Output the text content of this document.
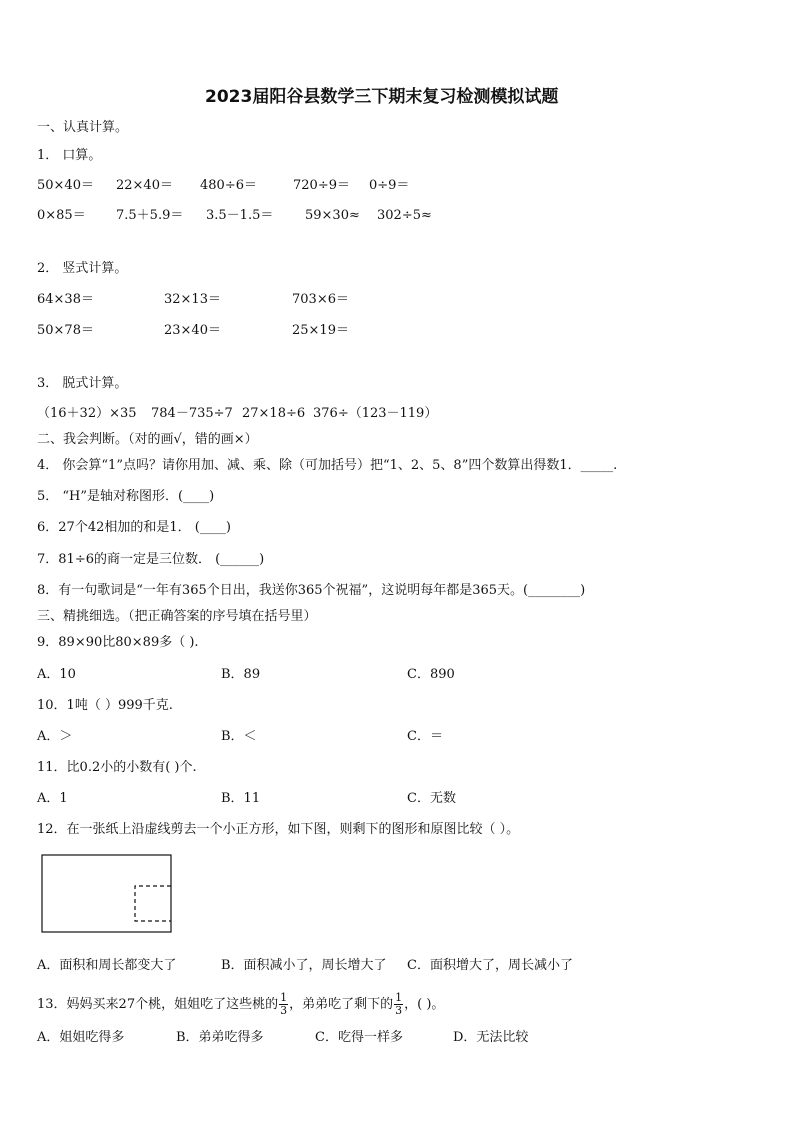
2023届阳谷县数学三下期末复习检测模拟试题
一、认真计算。
1． 口算。
50×40＝ 22×40＝ 480÷6＝	720÷9＝ 0÷9＝
0×85＝ 7.5＋5.9＝ 3.5－1.5＝ 59×30≈ 302÷5≈
2． 竖式计算。
64×38＝	32×13＝	703×6＝
50×78＝	23×40＝	25×19＝
3． 脱式计算。
（16＋32）×35 784－735÷7 27×18÷6 376÷（123－119）
二、我会判断。（对的画√，错的画×）
4． 你会算“1”点吗？请你用加、减、乘、除（可加括号）把“1、2、5、8”四个数算出得数1．_____.
5． “H”是轴对称图形．(____)
6．27个42相加的和是1． (____)
7．81÷6的商一定是三位数． (______)
8．有一句歌词是“一年有365个日出，我送你365个祝福”，这说明每年都是365天。(________)
三、精挑细选。（把正确答案的序号填在括号里）
9．89×90比80×89多（ ).
A．10	B．89	C．890
10．1吨（ ）999千克.
A．＞	B．＜	C．＝
11．比0.2小的小数有( )个.
A．1	B．11	C．无数
12．在一张纸上沿虚线剪去一个小正方形，如下图，则剩下的图形和原图比较（ ）。
A．面积和周长都变大了	B．面积减小了，周长增大了 C．面积增大了，周长减小了
13．妈妈买来27个桃，姐姐吃了这些桃的 $\frac{1}{3}$ ，弟弟吃了剩下的 $\frac{1}{3}$ ，( )。
A．姐姐吃得多	B．弟弟吃得多	C．吃得一样多	D．无法比较
